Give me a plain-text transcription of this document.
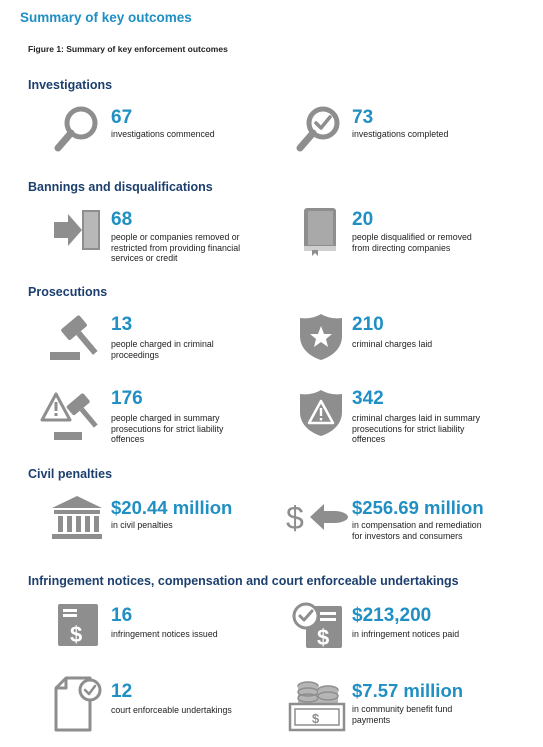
Summary of key outcomes
Figure 1: Summary of key enforcement outcomes
Investigations
67
investigations commenced
73
investigations completed
Bannings and disqualifications
68
people or companies removed or
restricted from providing financial
services or credit
20
people disqualified or removed
from directing companies
Prosecutions
13
people charged in criminal
proceedings
210
criminal charges laid
176
people charged in summary
prosecutions for strict liability
offences
342
criminal charges laid in summary
prosecutions for strict liability
offences
Civil penalties
$20.44 million
in civil penalties	$	$256.69 million
in compensation and remediation
for investors and consumers
Infringement notices, compensation and court enforceable undertakings
$
16
infringement notices issued	$
$213,200
in infringement notices paid
12
court enforceable undertakings
$
$7.57 million
in community benefit fund
payments
